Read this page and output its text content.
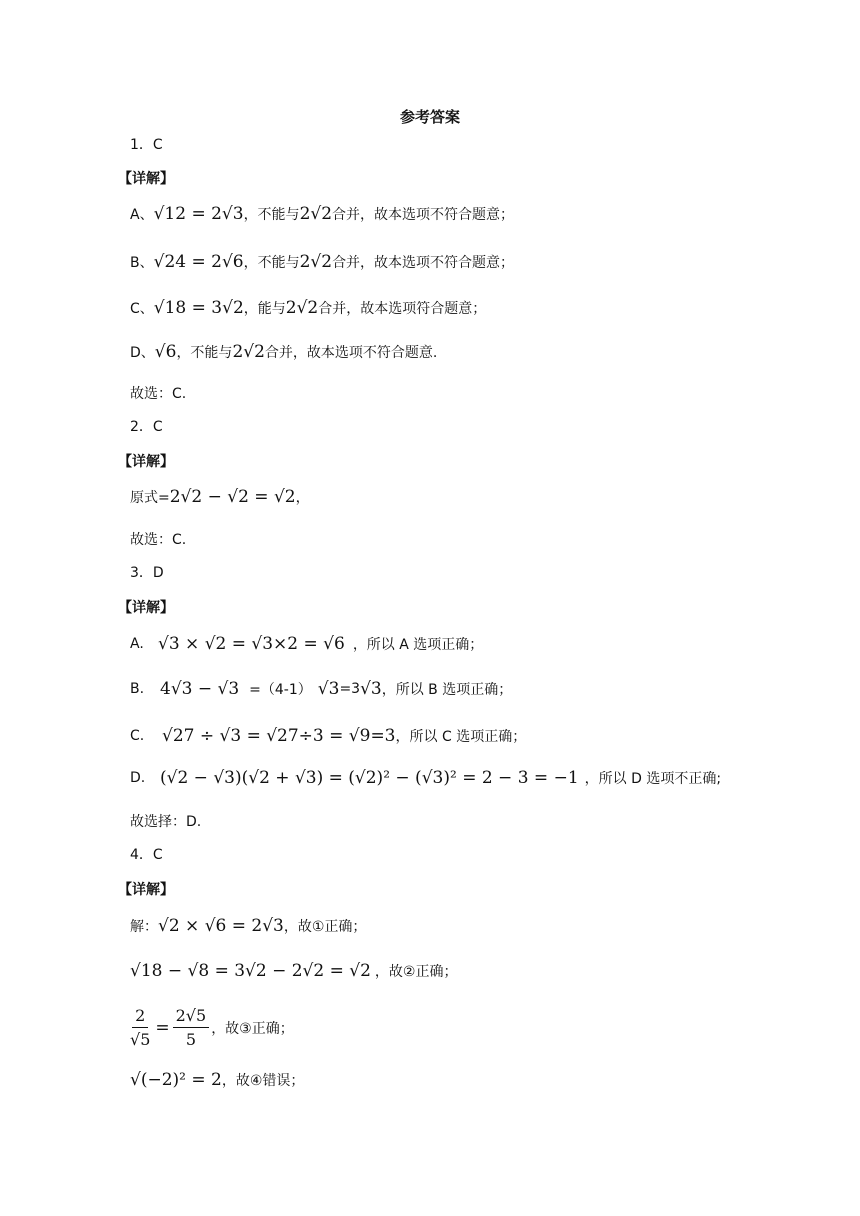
参考答案
1．C
【详解】
A、 √12 = 2√3 ，不能与 2√2 合并，故本选项不符合题意；
B、 √24 = 2√6 ，不能与 2√2 合并，故本选项不符合题意；
C、 √18 = 3√2 ，能与 2√2 合并，故本选项符合题意；
D、 √6 ，不能与 2√2 合并，故本选项不符合题意.
故选：C.
2．C
【详解】
原式= 2√2 − √2 = √2 ，
故选：C.
3．D
【详解】
A. √3 × √2 = √3×2 = √6 ，所以 A 选项正确；
B. 4√3 − √3 =（4-1） √3 =3 √3 ，所以 B 选项正确；
C.	√27 ÷ √3 = √27÷3 = √9=3 ，所以 C 选项正确；
D. (√2 − √3)(√2 + √3) = (√2)² − (√3)² = 2 − 3 = −1 ，所以 D 选项不正确;
故选择：D.
4．C
【详解】
解： √2 × √6 = 2√3 ，故①正确；
√18 − √8 = 3√2 − 2√2 = √2 ，故②正确；
$\frac{2}{√5} = \frac{2√5}{5}$ ，故③正确；
√(−2)² = 2 ，故④错误；
